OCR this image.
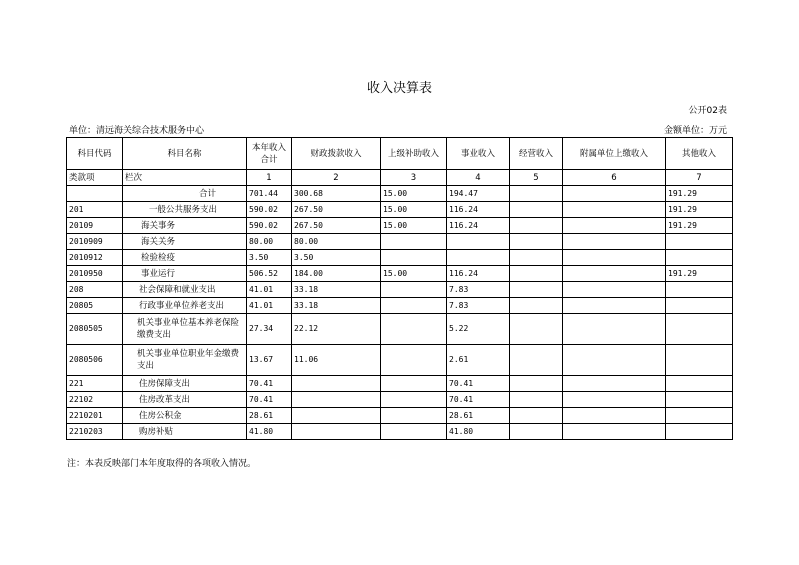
收入决算表
公开02表
单位：清远海关综合技术服务中心	金额单位：万元
科目代码	科目名称	本年收入合计	财政拨款收入	上级补助收入	事业收入	经营收入	附属单位上缴收入	其他收入
类款项	栏次	1	2	3	4	5	6	7
	合计	701.44	300.68	15.00	194.47			191.29
201	一般公共服务支出	590.02	267.50	15.00	116.24			191.29
20109	海关事务	590.02	267.50	15.00	116.24			191.29
2010909	海关关务	80.00	80.00					
2010912	检验检疫	3.50	3.50					
2010950	事业运行	506.52	184.00	15.00	116.24			191.29
208	社会保障和就业支出	41.01	33.18		7.83			
20805	行政事业单位养老支出	41.01	33.18		7.83			
2080505	机关事业单位基本养老保险缴费支出	27.34	22.12		5.22			
2080506	机关事业单位职业年金缴费支出	13.67	11.06		2.61			
221	住房保障支出	70.41			70.41			
22102	住房改革支出	70.41			70.41			
2210201	住房公积金	28.61			28.61			
2210203	购房补贴	41.80			41.80			
注：本表反映部门本年度取得的各项收入情况。
